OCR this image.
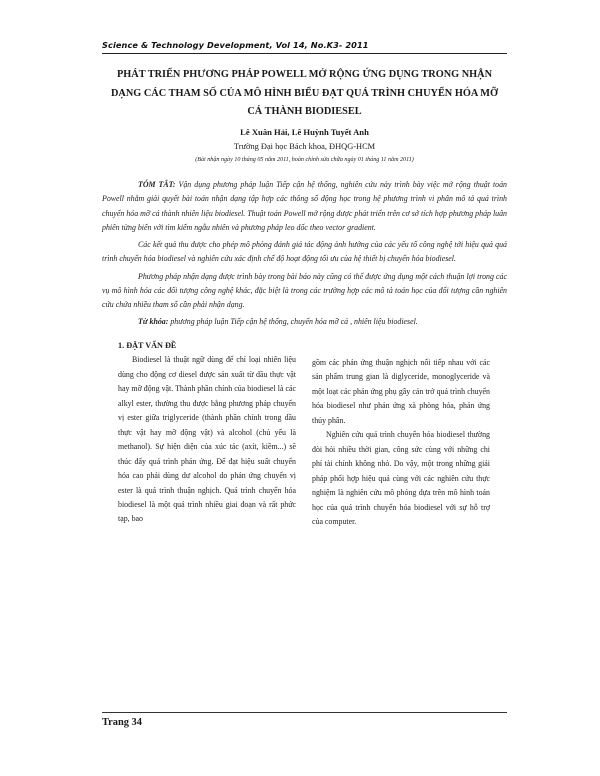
Science & Technology Development, Vol 14, No.K3- 2011
PHÁT TRIỂN PHƯƠNG PHÁP POWELL MỞ RỘNG ỨNG DỤNG TRONG NHẬN
DẠNG CÁC THAM SỐ CỦA MÔ HÌNH BIỂU ĐẠT QUÁ TRÌNH CHUYỂN HÓA MỠ
CÁ THÀNH BIODIESEL
Lê Xuân Hải, Lê Huỳnh Tuyết Anh
Trường Đại học Bách khoa, ĐHQG-HCM
(Bài nhận ngày 10 tháng 05 năm 2011, hoàn chỉnh sửa chữa ngày 01 tháng 11 năm 2011)

TÓM TẮT: Vận dụng phương pháp luận Tiếp cận hệ thống, nghiên cứu này trình bày việc mở rộng thuật toán Powell nhằm giải quyết bài toán nhận dạng tập hợp các thông số động học trong hệ phương trình vi phân mô tả quá trình chuyển hóa mỡ cá thành nhiên liệu biodiesel. Thuật toán Powell mở rộng được phát triển trên cơ sở tích hợp phương pháp luân phiên từng biến với tìm kiếm ngẫu nhiên và phương pháp leo dốc theo vector gradient.

Các kết quả thu được cho phép mô phỏng đánh giá tác động ảnh hưởng của các yếu tố công nghệ tới hiệu quả quá trình chuyển hóa biodiesel và nghiên cứu xác định chế độ hoạt động tối ưu của hệ thiết bị chuyển hóa biodiesel.

Phương pháp nhận dạng được trình bày trong bài báo này cũng có thể được ứng dụng một cách thuận lợi trong các vụ mô hình hóa các đối tượng công nghệ khác, đặc biệt là trong các trường hợp các mô tả toán học của đối tượng cần nghiên cứu chứa nhiều tham số cần phải nhận dạng.

Từ khóa: phương pháp luận Tiếp cận hệ thống, chuyển hóa mỡ cá , nhiên liệu biodiesel.

1. ĐẶT VẤN ĐỀ

Biodiesel là thuật ngữ dùng để chỉ loại nhiên liệu dùng cho động cơ diesel được sản xuất từ dầu thực vật hay mỡ động vật. Thành phần chính của biodiesel là các alkyl ester, thường thu được bằng phương pháp chuyển vị ester giữa triglyceride (thành phần chính trong dầu thực vật hay mỡ động vật) và alcohol (chủ yếu là methanol). Sự hiện diện của xúc tác (axít, kiềm...) sẽ thúc đẩy quá trình phản ứng. Để đạt hiệu suất chuyển hóa cao phải dùng dư alcohol do phản ứng chuyển vị ester là quá trình thuận nghịch. Quá trình chuyển hóa biodiesel là một quá trình nhiều giai đoạn và rất phức tạp, bao

gồm các phản ứng thuận nghịch nối tiếp nhau với các sản phẩm trung gian là diglyceride, monoglyceride và một loạt các phản ứng phụ gây cản trở quá trình chuyển hóa biodiesel như phản ứng xà phòng hóa, phản ứng thủy phân.

Nghiên cứu quá trình chuyển hóa biodiesel thường đòi hỏi nhiều thời gian, công sức cùng với những chi phí tài chính không nhỏ. Do vậy, một trong những giải pháp phối hợp hiệu quả cùng với các nghiên cứu thực nghiệm là nghiên cứu mô phỏng dựa trên mô hình toán học của quá trình chuyển hóa biodiesel với sự hỗ trợ của computer.

Trang 34
